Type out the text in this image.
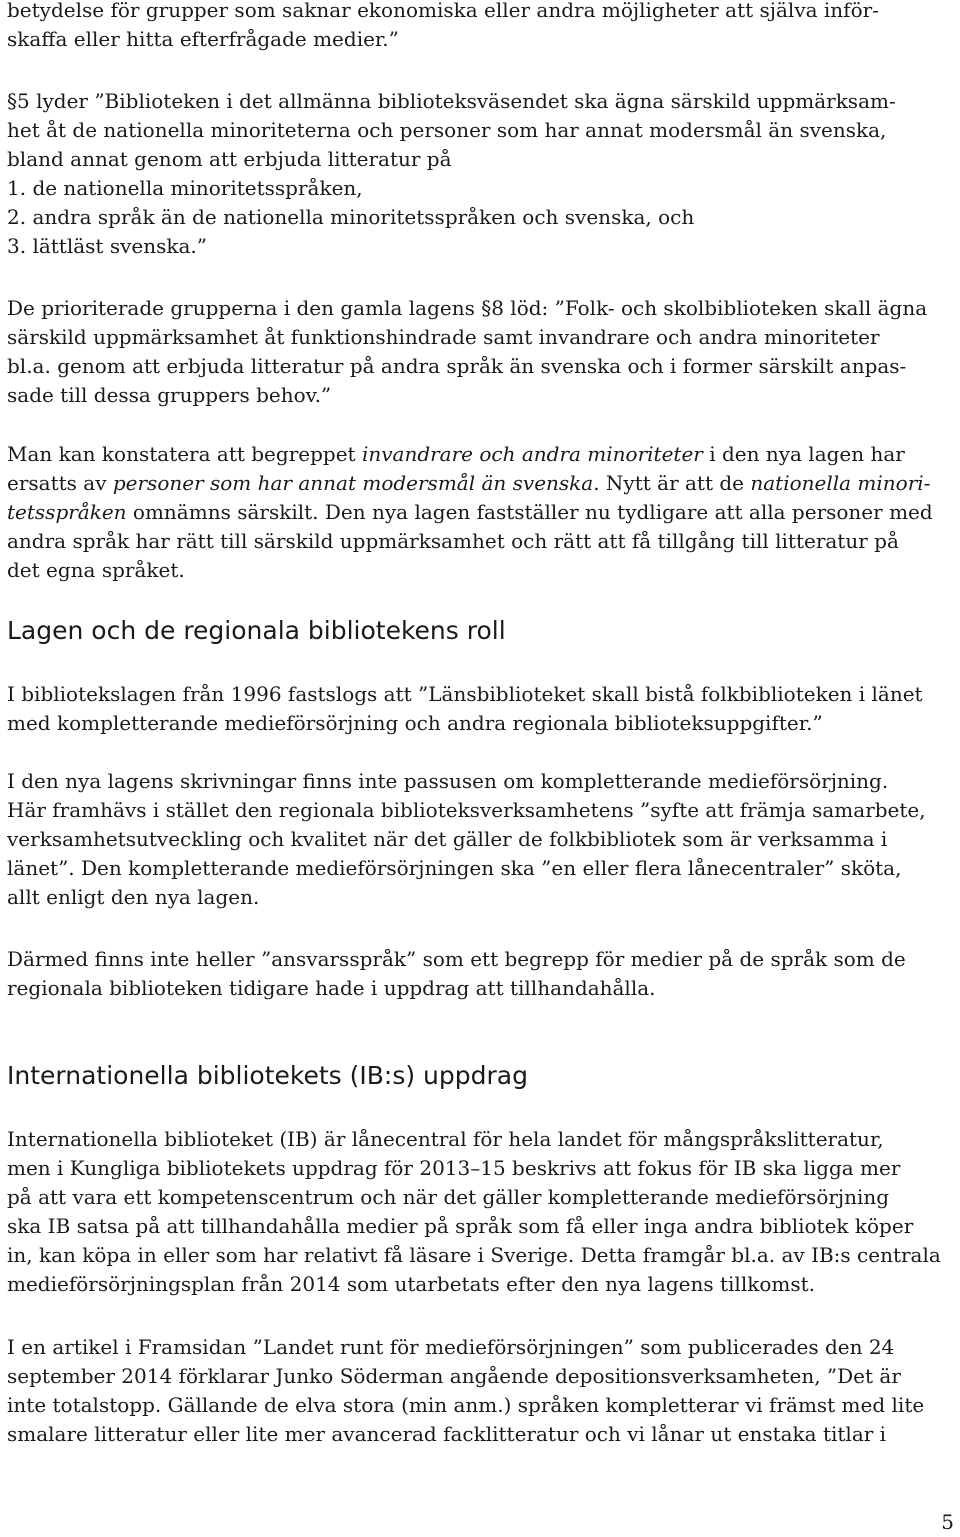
betydelse för grupper som saknar ekonomiska eller andra möjligheter att själva inför-
skaffa eller hitta efterfrågade medier.”

§5 lyder ”Biblioteken i det allmänna biblioteksväsendet ska ägna särskild uppmärksam-
het åt de nationella minoriteterna och personer som har annat modersmål än svenska,
bland annat genom att erbjuda litteratur på
1. de nationella minoritetsspråken,
2. andra språk än de nationella minoritetsspråken och svenska, och
3. lättläst svenska.”

De prioriterade grupperna i den gamla lagens §8 löd: ”Folk- och skolbiblioteken skall ägna
särskild uppmärksamhet åt funktionshindrade samt invandrare och andra minoriteter
bl.a. genom att erbjuda litteratur på andra språk än svenska och i former särskilt anpas-
sade till dessa gruppers behov.”

Man kan konstatera att begreppet invandrare och andra minoriteter i den nya lagen har
ersatts av personer som har annat modersmål än svenska. Nytt är att de nationella minori-
tetsspråken omnämns särskilt. Den nya lagen fastställer nu tydligare att alla personer med
andra språk har rätt till särskild uppmärksamhet och rätt att få tillgång till litteratur på
det egna språket.

Lagen och de regionala bibliotekens roll

I bibliotekslagen från 1996 fastslogs att ”Länsbiblioteket skall bistå folkbiblioteken i länet
med kompletterande medieförsörjning och andra regionala biblioteksuppgifter.”

I den nya lagens skrivningar finns inte passusen om kompletterande medieförsörjning.
Här framhävs i stället den regionala biblioteksverksamhetens ”syfte att främja samarbete,
verksamhetsutveckling och kvalitet när det gäller de folkbibliotek som är verksamma i
länet”. Den kompletterande medieförsörjningen ska ”en eller flera lånecentraler” sköta,
allt enligt den nya lagen.

Därmed finns inte heller ”ansvarsspråk” som ett begrepp för medier på de språk som de
regionala biblioteken tidigare hade i uppdrag att tillhandahålla.

Internationella bibliotekets (IB:s) uppdrag

Internationella biblioteket (IB) är lånecentral för hela landet för mångspråkslitteratur,
men i Kungliga bibliotekets uppdrag för 2013–15 beskrivs att fokus för IB ska ligga mer
på att vara ett kompetenscentrum och när det gäller kompletterande medieförsörjning
ska IB satsa på att tillhandahålla medier på språk som få eller inga andra bibliotek köper
in, kan köpa in eller som har relativt få läsare i Sverige. Detta framgår bl.a. av IB:s centrala
medieförsörjningsplan från 2014 som utarbetats efter den nya lagens tillkomst.

I en artikel i Framsidan ”Landet runt för medieförsörjningen” som publicerades den 24
september 2014 förklarar Junko Söderman angående depositionsverksamheten, ”Det är
inte totalstopp. Gällande de elva stora (min anm.) språken kompletterar vi främst med lite
smalare litteratur eller lite mer avancerad facklitteratur och vi lånar ut enstaka titlar i

5
